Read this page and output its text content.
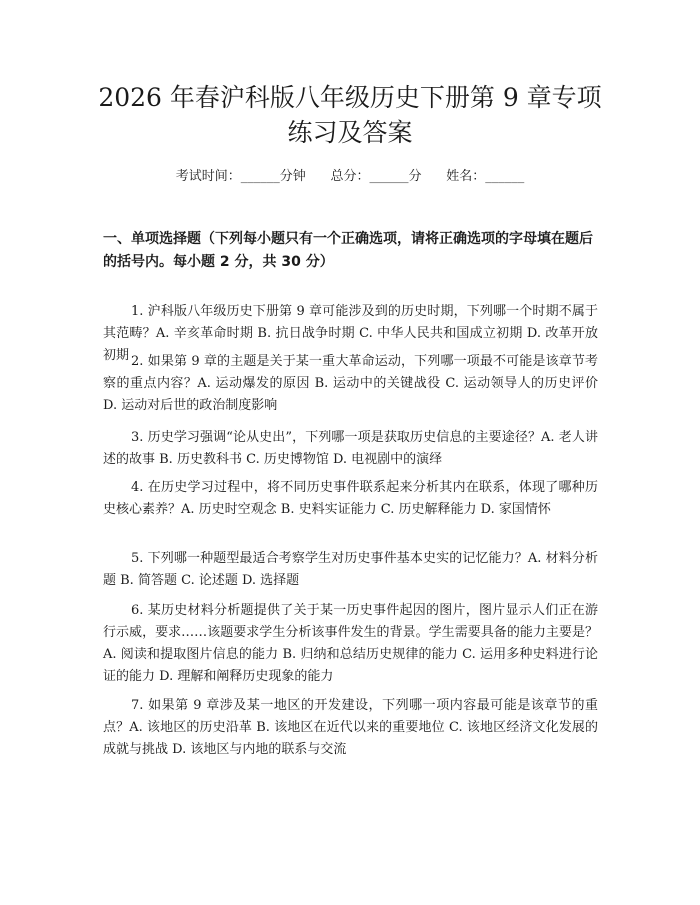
2026 年春沪科版八年级历史下册第 9 章专项
练习及答案
考试时间：______分钟      总分：______分      姓名：______

一、单项选择题（下列每小题只有一个正确选项，请将正确选项的字母填在题后的括号内。每小题 2 分，共 30 分）

1. 沪科版八年级历史下册第 9 章可能涉及到的历史时期，下列哪一个时期不属于其范畴？A. 辛亥革命时期 B. 抗日战争时期 C. 中华人民共和国成立初期 D. 改革开放初期 2. 如果第 9 章的主题是关于某一重大革命运动，下列哪一项最不可能是该章节考察的重点内容？A. 运动爆发的原因 B. 运动中的关键战役 C. 运动领导人的历史评价 D. 运动对后世的政治制度影响

3. 历史学习强调“论从史出”，下列哪一项是获取历史信息的主要途径？A. 老人讲述的故事 B. 历史教科书 C. 历史博物馆 D. 电视剧中的演绎

4. 在历史学习过程中，将不同历史事件联系起来分析其内在联系，体现了哪种历史核心素养？A. 历史时空观念 B. 史料实证能力 C. 历史解释能力 D. 家国情怀

5. 下列哪一种题型最适合考察学生对历史事件基本史实的记忆能力？A. 材料分析题 B. 简答题 C. 论述题 D. 选择题

6. 某历史材料分析题提供了关于某一历史事件起因的图片，图片显示人们正在游行示威，要求……该题要求学生分析该事件发生的背景。学生需要具备的能力主要是？A. 阅读和提取图片信息的能力 B. 归纳和总结历史规律的能力 C. 运用多种史料进行论证的能力 D. 理解和阐释历史现象的能力

7. 如果第 9 章涉及某一地区的开发建设，下列哪一项内容最可能是该章节的重点？A. 该地区的历史沿革 B. 该地区在近代以来的重要地位 C. 该地区经济文化发展的成就与挑战 D. 该地区与内地的联系与交流
